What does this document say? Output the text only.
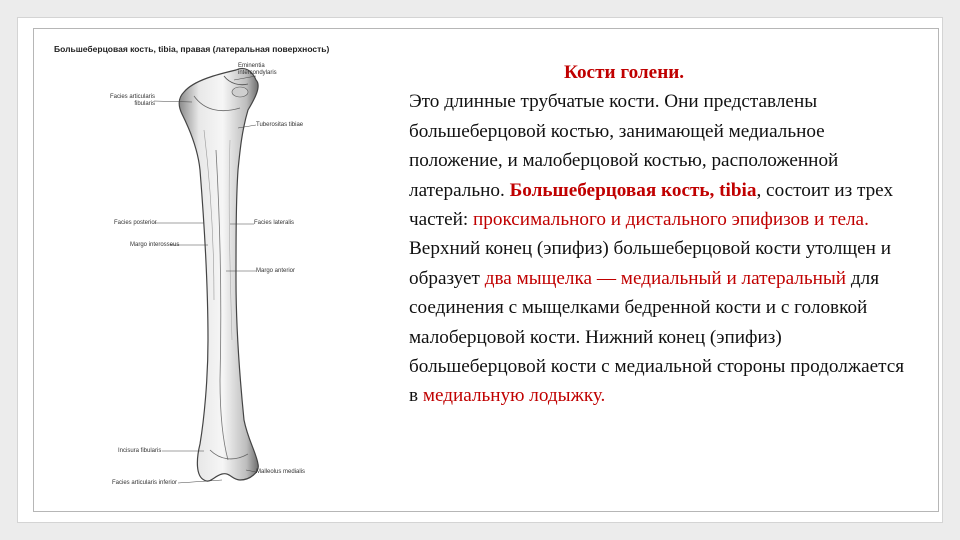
Большеберцовая кость, tibia, правая (латеральная поверхность)
Eminentia
intercondylaris
Facies articularis
fibularis
Tuberositas tibiae
Facies posterior	Facies lateralis
Margo interosseus
Margo anterior
Incisura fibularis
Malleolus medialis
Facies articularis inferior
Кости голени.

Это длинные трубчатые кости. Они представлены большеберцовой костью, занимающей медиальное положение, и малоберцовой костью, расположенной латерально. Большеберцовая кость, tibia, состоит из трех частей: проксимального и дистального эпифизов и тела. Верхний конец (эпифиз) большеберцовой кости утолщен и образует два мыщелка — медиальный и латеральный для соединения с мыщелками бедренной кости и с головкой малоберцовой кости. Нижний конец (эпифиз) большеберцовой кости с медиальной стороны продолжается в медиальную лодыжку.
